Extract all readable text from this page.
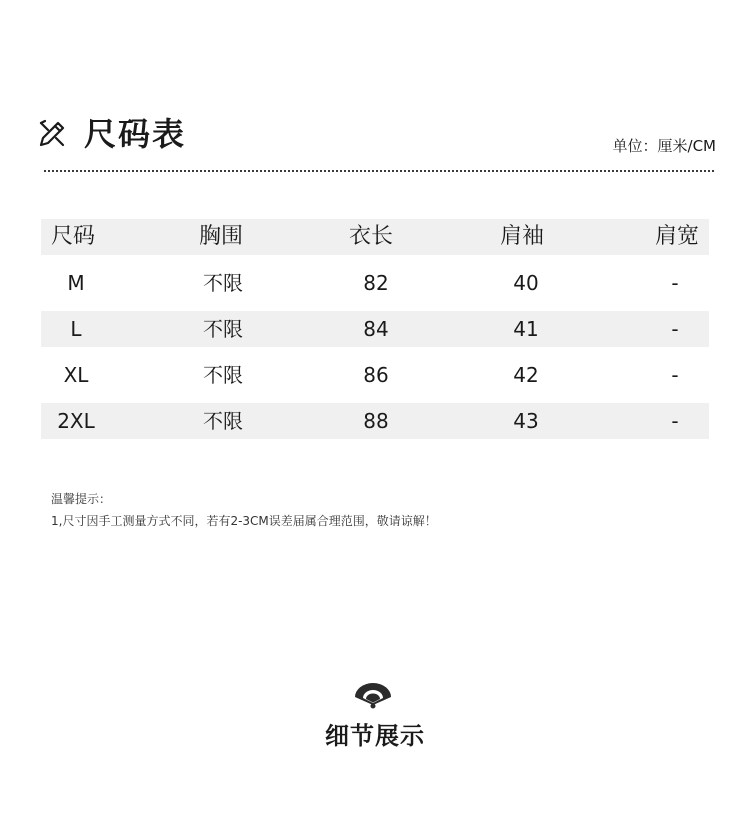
尺码表	单位：厘米/CM
尺码	胸围	衣长	肩袖	肩宽
M	不限	82	40	-
L	不限	84	41	-
XL	不限	86	42	-
2XL	不限	88	43	-
温馨提示：
1,尺寸因手工测量方式不同，若有2-3CM误差届属合理范围，敬请谅解！
细节展示
